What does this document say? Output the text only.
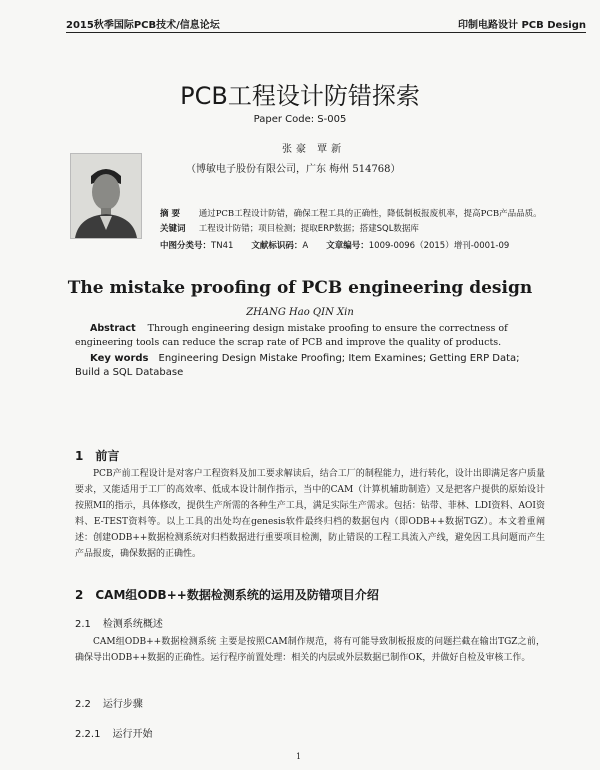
2015秋季国际PCB技术/信息论坛	印制电路设计 PCB Design
PCB工程设计防错探索
Paper Code: S-005
张豪 覃新
（博敏电子股份有限公司，广东 梅州 514768）
摘 要 通过PCB工程设计防错，确保工程工具的正确性，降低制板报废机率，提高PCB产品品质。
关键词 工程设计防错；项目检测；提取ERP数据；搭建SQL数据库
中图分类号：TN41 文献标识码：A 文章编号：1009-0096（2015）增刊-0001-09
The mistake proofing of PCB engineering design
ZHANG Hao QIN Xin
Abstract Through engineering design mistake proofing to ensure the correctness of engineering tools can reduce the scrap rate of PCB and improve the quality of products.
Key words Engineering Design Mistake Proofing; Item Examines; Getting ERP Data; Build a SQL Database
1 前言
PCB产前工程设计是对客户工程资料及加工要求解读后，结合工厂的制程能力，进行转化，设计出即满足客户质量要求，又能适用于工厂的高效率、低成本设计制作指示，当中的CAM（计算机辅助制造）又是把客户提供的原始设计按照MI的指示，具体修改，提供生产所需的各种生产工具，满足实际生产需求。包括：钻带、菲林、LDI资料、AOI资料、E-TEST资料等。以上工具的出处均在genesis软件最终归档的数据包内（即ODB++数据TGZ）。本文着重阐述：创建ODB++数据检测系统对归档数据进行重要项目检测，防止错误的工程工具流入产线，避免因工具问题而产生产品报废，确保数据的正确性。
2 CAM组ODB++数据检测系统的运用及防错项目介绍
2.1 检测系统概述
CAM组ODB++数据检测系统 主要是按照CAM制作规范，将有可能导致制板报废的问题拦截在输出TGZ之前，确保导出ODB++数据的正确性。运行程序前置处理：相关的内层或外层数据已制作OK，并做好自检及审核工作。
2.2 运行步骤
2.2.1 运行开始
1
